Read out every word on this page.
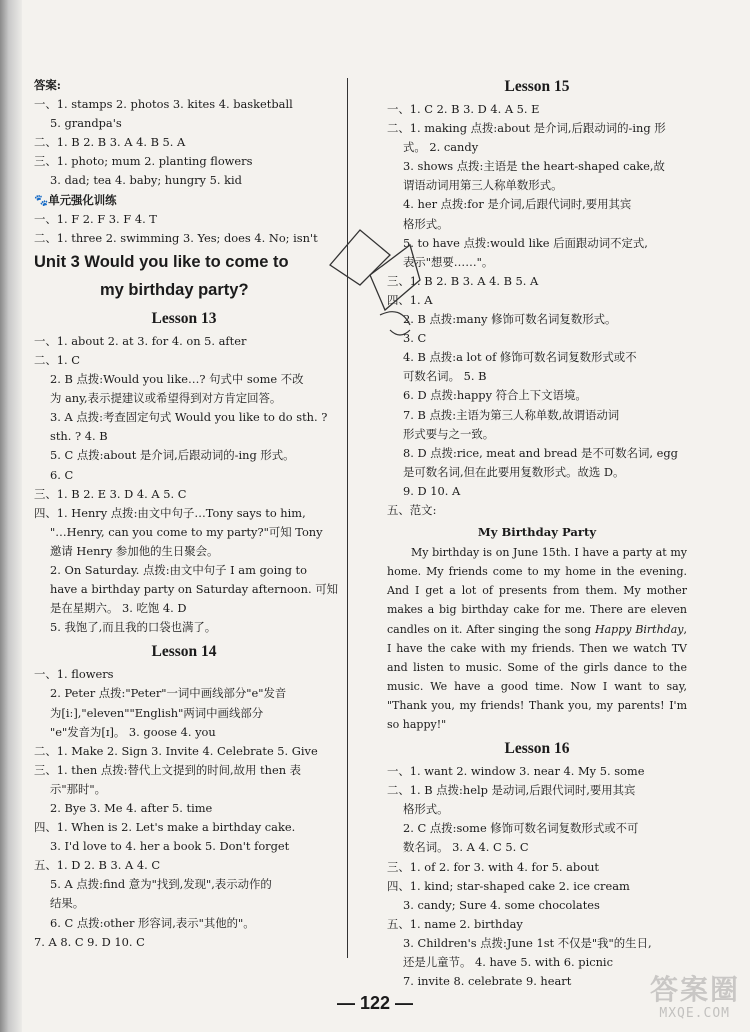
答案:
一、1. stamps 2. photos 3. kites 4. basketball
5. grandpa's
二、1. B 2. B 3. A 4. B 5. A
三、1. photo; mum 2. planting flowers
3. dad; tea 4. baby; hungry 5. kid
🐾单元强化训练
一、1. F 2. F 3. F 4. T
二、1. three 2. swimming 3. Yes; does 4. No; isn't
Unit 3 Would you like to come to
my birthday party?
Lesson 13
一、1. about 2. at 3. for 4. on 5. after
二、1. C
2. B 点拨:Would you like…? 句式中 some 不改
为 any,表示提建议或希望得到对方肯定回答。
3. A 点拨:考查固定句式 Would you like to do sth. ?
sth. ? 4. B
5. C 点拨:about 是介词,后跟动词的-ing 形式。
6. C
三、1. B 2. E 3. D 4. A 5. C
四、1. Henry 点拨:由文中句子…Tony says to him,
"…Henry, can you come to my party?"可知 Tony
邀请 Henry 参加他的生日聚会。
2. On Saturday. 点拨:由文中句子 I am going to
have a birthday party on Saturday afternoon. 可知
是在星期六。 3. 吃饱 4. D
5. 我饱了,而且我的口袋也满了。
Lesson 14
一、1. flowers
2. Peter 点拨:"Peter"一词中画线部分"e"发音
为[iː],"eleven""English"两词中画线部分
"e"发音为[ɪ]。 3. goose 4. you
二、1. Make 2. Sign 3. Invite 4. Celebrate 5. Give
三、1. then 点拨:替代上文提到的时间,故用 then 表
示"那时"。
2. Bye 3. Me 4. after 5. time
四、1. When is 2. Let's make a birthday cake.
3. I'd love to 4. her a book 5. Don't forget
五、1. D 2. B 3. A 4. C
5. A 点拨:find 意为"找到,发现",表示动作的
结果。
6. C 点拨:other 形容词,表示"其他的"。
7. A 8. C 9. D 10. C
Lesson 15
一、1. C 2. B 3. D 4. A 5. E
二、1. making 点拨:about 是介词,后跟动词的-ing 形
式。 2. candy
3. shows 点拨:主语是 the heart-shaped cake,故
谓语动词用第三人称单数形式。
4. her 点拨:for 是介词,后跟代词时,要用其宾
格形式。
5. to have 点拨:would like 后面跟动词不定式,
表示"想要……"。
三、1. B 2. B 3. A 4. B 5. A
四、1. A
2. B 点拨:many 修饰可数名词复数形式。
3. C
4. B 点拨:a lot of 修饰可数名词复数形式或不
可数名词。 5. B
6. D 点拨:happy 符合上下文语境。
7. B 点拨:主语为第三人称单数,故谓语动词
形式要与之一致。
8. D 点拨:rice, meat and bread 是不可数名词, egg
是可数名词,但在此要用复数形式。故选 D。
9. D 10. A
五、范文:
My Birthday Party
My birthday is on June 15th. I have a party at my home. My friends come to my home in the evening. And I get a lot of presents from them. My mother makes a big birthday cake for me. There are eleven candles on it. After singing the song Happy Birthday, I have the cake with my friends. Then we watch TV and listen to music. Some of the girls dance to the music. We have a good time. Now I want to say, "Thank you, my friends! Thank you, my parents! I'm so happy!"
Lesson 16
一、1. want 2. window 3. near 4. My 5. some
二、1. B 点拨:help 是动词,后跟代词时,要用其宾
格形式。
2. C 点拨:some 修饰可数名词复数形式或不可
数名词。 3. A 4. C 5. C
三、1. of 2. for 3. with 4. for 5. about
四、1. kind; star-shaped cake 2. ice cream
3. candy; Sure 4. some chocolates
五、1. name 2. birthday
3. Children's 点拨:June 1st 不仅是"我"的生日,
还是儿童节。 4. have 5. with 6. picnic
7. invite 8. celebrate 9. heart
— 122 —	答案圈
MXQE.COM
